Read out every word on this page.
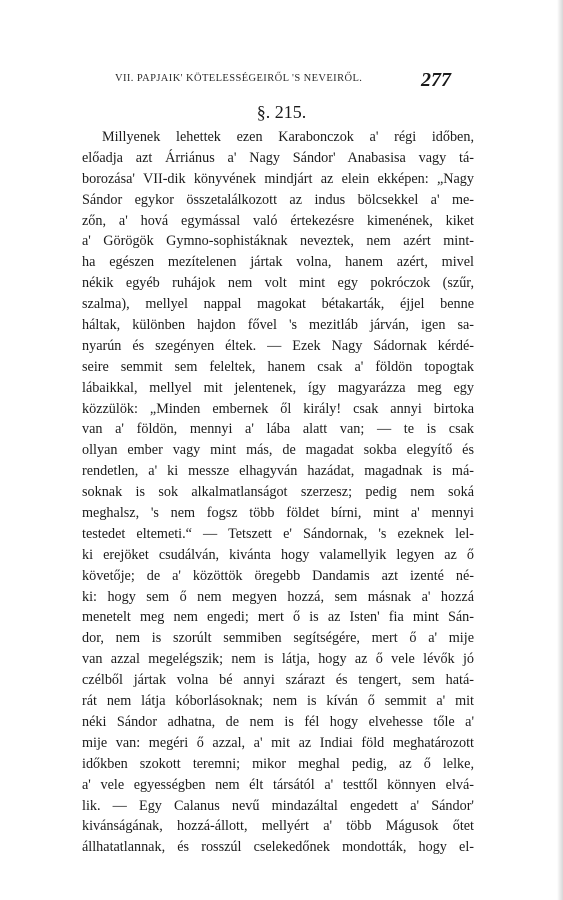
VII. PAPJAIK' KÖTELESSÉGEIRŐL 'S NEVEIRŐL.	277
§. 215.
Millyenek lehettek ezen Karabonczok a' régi időben,
előadja azt Árriánus a' Nagy Sándor' Anabasisa vagy tá-
borozása' VII-dik könyvének mindjárt az elein ekképen: „Nagy
Sándor egykor összetalálkozott az indus bölcsekkel a' me-
zőn, a' hová egymással való értekezésre kimenének, kiket
a' Görögök Gymno-sophistáknak neveztek, nem azért mint-
ha egészen mezítelenen jártak volna, hanem azért, mivel
nékik egyéb ruhájok nem volt mint egy pokróczok (szűr,
szalma), mellyel nappal magokat bétakarták, éjjel benne
háltak, különben hajdon fővel 's mezitláb járván, igen sa-
nyarún és szegényen éltek. — Ezek Nagy Sádornak kérdé-
seire semmit sem feleltek, hanem csak a' földön topogtak
lábaikkal, mellyel mit jelentenek, így magyarázza meg egy
közzülök: „Minden embernek ől király! csak annyi birtoka
van a' földön, mennyi a' lába alatt van; — te is csak
ollyan ember vagy mint más, de magadat sokba elegyítő és
rendetlen, a' ki messze elhagyván hazádat, magadnak is má-
soknak is sok alkalmatlanságot szerzesz; pedig nem soká
meghalsz, 's nem fogsz több földet bírni, mint a' mennyi
testedet eltemeti.“ — Tetszett e' Sándornak, 's ezeknek lel-
ki erejöket csudálván, kivánta hogy valamellyik legyen az ő
követője; de a' közöttök öregebb Dandamis azt izenté né-
ki: hogy sem ő nem megyen hozzá, sem másnak a' hozzá
menetelt meg nem engedi; mert ő is az Isten' fia mint Sán-
dor, nem is szorúlt semmiben segítségére, mert ő a' mije
van azzal megelégszik; nem is látja, hogy az ő vele lévők jó
czélből jártak volna bé annyi szárazt és tengert, sem hatá-
rát nem látja kóborlásoknak; nem is kíván ő semmit a' mit
néki Sándor adhatna, de nem is fél hogy elvehesse tőle a'
mije van: megéri ő azzal, a' mit az Indiai föld meghatározott
időkben szokott teremni; mikor meghal pedig, az ő lelke,
a' vele egyességben nem élt társától a' testtől könnyen elvá-
lik. — Egy Calanus nevű mindazáltal engedett a' Sándor'
kivánságának, hozzá-állott, mellyért a' több Mágusok őtet
állhatatlannak, és rosszúl cselekedőnek mondották, hogy el-
